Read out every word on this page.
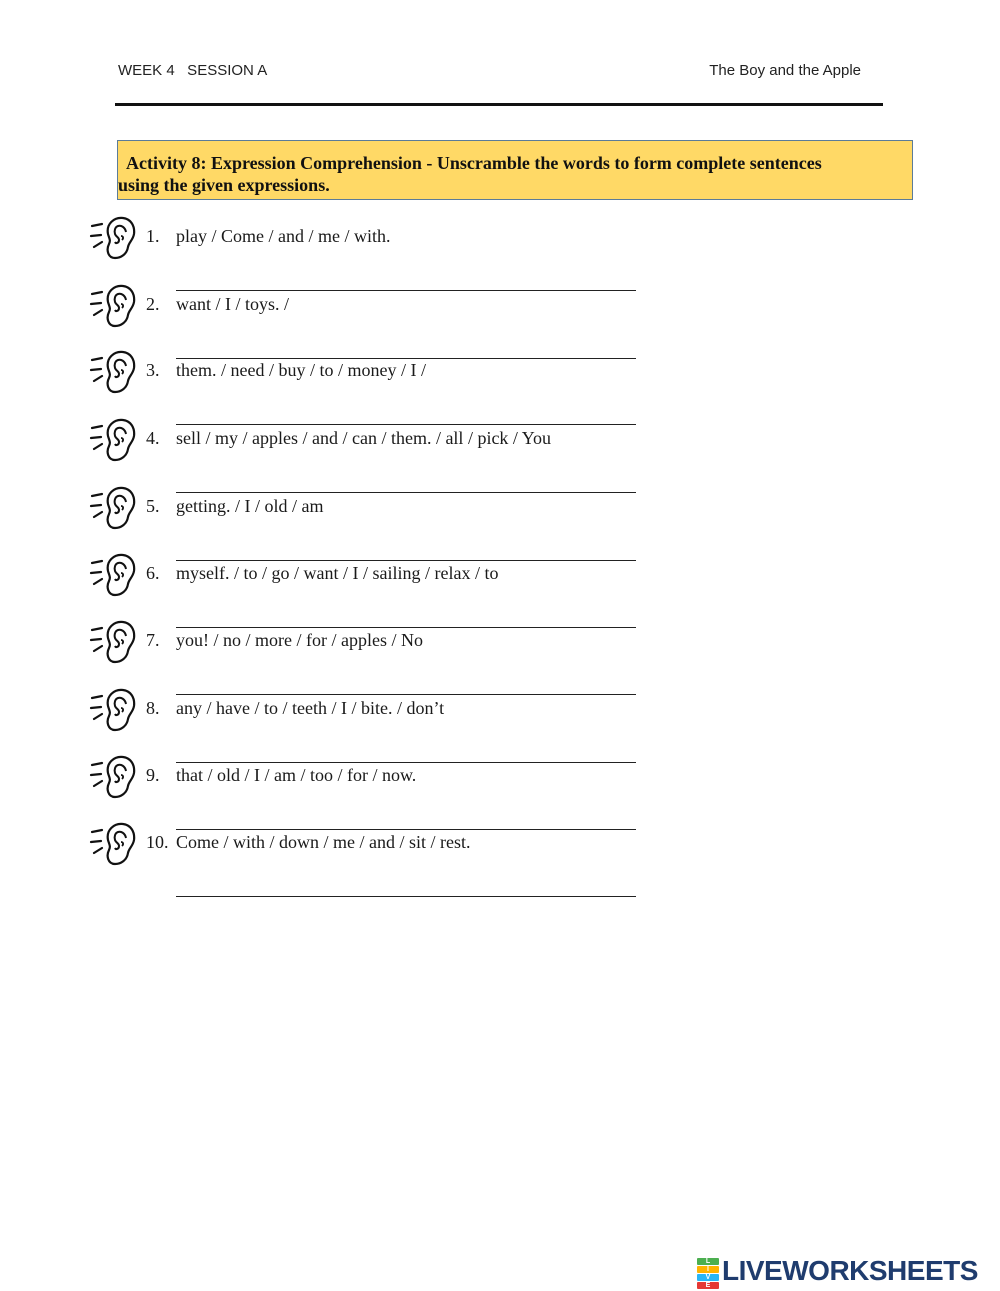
WEEK 4   SESSION A	The Boy and the Apple
Activity 8: Expression Comprehension - Unscramble the words to form complete sentences
using the given expressions.
1. play / Come / and / me / with.
2. want / I / toys. /
3. them. / need / buy / to / money / I /
4. sell / my / apples / and / can / them. / all / pick / You
5. getting. / I / old / am
6. myself. / to / go / want / I / sailing / relax / to
7. you! / no / more / for / apples / No
8. any / have / to / teeth / I / bite. / don’t
9. that / old / I / am / too / for / now.
10. Come / with / down / me / and / sit / rest.
L
I
V
E LIVEWORKSHEETS
